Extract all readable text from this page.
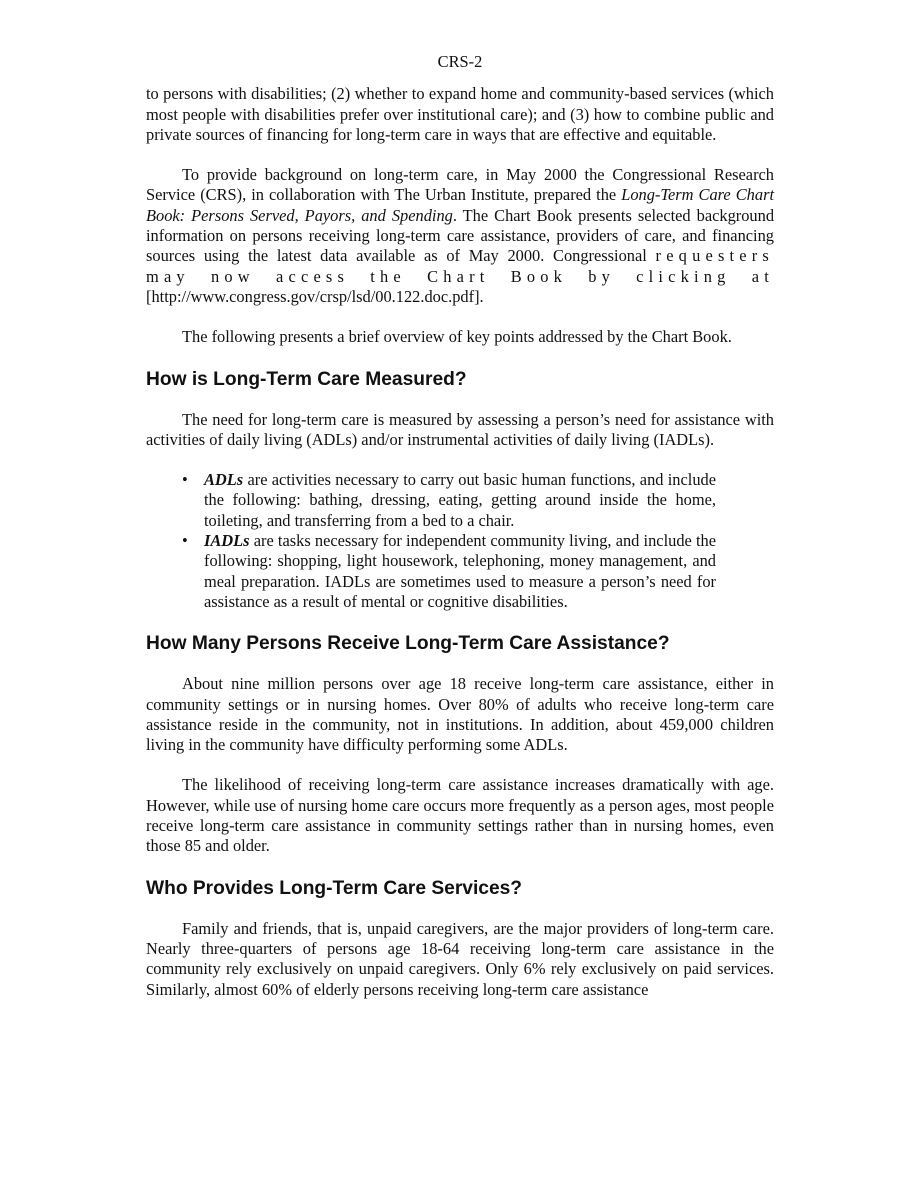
CRS-2

to persons with disabilities; (2) whether to expand home and community-based services (which most people with disabilities prefer over institutional care); and (3) how to combine public and private sources of financing for long-term care in ways that are effective and equitable.

To provide background on long-term care, in May 2000 the Congressional Research Service (CRS), in collaboration with The Urban Institute, prepared the Long-Term Care Chart Book: Persons Served, Payors, and Spending. The Chart Book presents selected background information on persons receiving long-term care assistance, providers of care, and financing sources using the latest data available as of May 2000. Congressional requesters may now access the Chart Book by clicking at [http://www.congress.gov/crsp/lsd/00.122.doc.pdf].

The following presents a brief overview of key points addressed by the Chart Book.

How is Long-Term Care Measured?

The need for long-term care is measured by assessing a person’s need for assistance with activities of daily living (ADLs) and/or instrumental activities of daily living (IADLs).

• ADLs are activities necessary to carry out basic human functions, and include the following: bathing, dressing, eating, getting around inside the home, toileting, and transferring from a bed to a chair.
• IADLs are tasks necessary for independent community living, and include the following: shopping, light housework, telephoning, money management, and meal preparation. IADLs are sometimes used to measure a person’s need for assistance as a result of mental or cognitive disabilities.
How Many Persons Receive Long-Term Care Assistance?

About nine million persons over age 18 receive long-term care assistance, either in community settings or in nursing homes. Over 80% of adults who receive long-term care assistance reside in the community, not in institutions. In addition, about 459,000 children living in the community have difficulty performing some ADLs.

The likelihood of receiving long-term care assistance increases dramatically with age. However, while use of nursing home care occurs more frequently as a person ages, most people receive long-term care assistance in community settings rather than in nursing homes, even those 85 and older.

Who Provides Long-Term Care Services?

Family and friends, that is, unpaid caregivers, are the major providers of long-term care. Nearly three-quarters of persons age 18-64 receiving long-term care assistance in the community rely exclusively on unpaid caregivers. Only 6% rely exclusively on paid services. Similarly, almost 60% of elderly persons receiving long-term care assistance
